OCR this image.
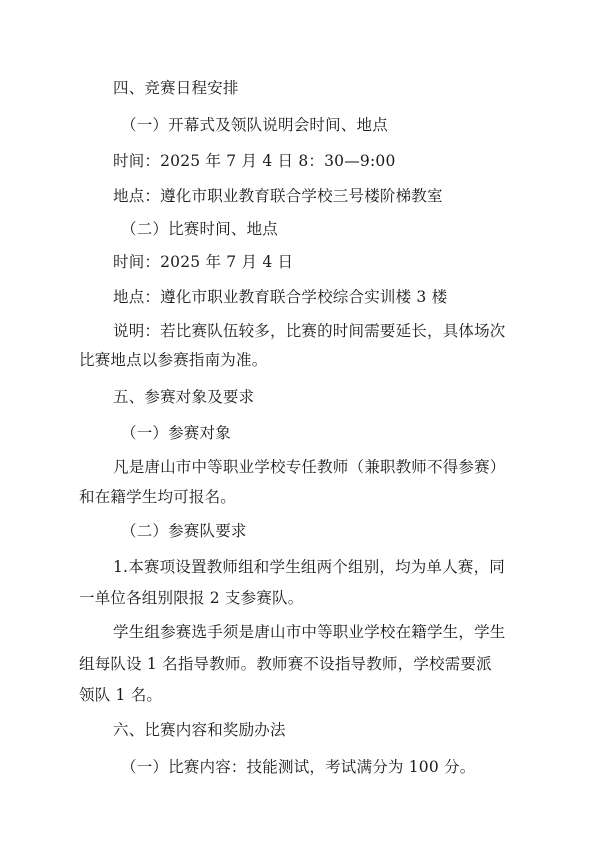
四、竞赛日程安排
（一）开幕式及领队说明会时间、地点
时间：2025 年 7 月 4 日 8：30—9:00
地点：遵化市职业教育联合学校三号楼阶梯教室
（二）比赛时间、地点
时间：2025 年 7 月 4 日
地点：遵化市职业教育联合学校综合实训楼 3 楼
说明：若比赛队伍较多，比赛的时间需要延长，具体场次
比赛地点以参赛指南为准。
五、参赛对象及要求
（一）参赛对象
凡是唐山市中等职业学校专任教师（兼职教师不得参赛）
和在籍学生均可报名。
（二）参赛队要求
1.本赛项设置教师组和学生组两个组别，均为单人赛，同
一单位各组别限报 2 支参赛队。
学生组参赛选手须是唐山市中等职业学校在籍学生，学生
组每队设 1 名指导教师。教师赛不设指导教师，学校需要派
领队 1 名。
六、比赛内容和奖励办法
（一）比赛内容：技能测试，考试满分为 100 分。
